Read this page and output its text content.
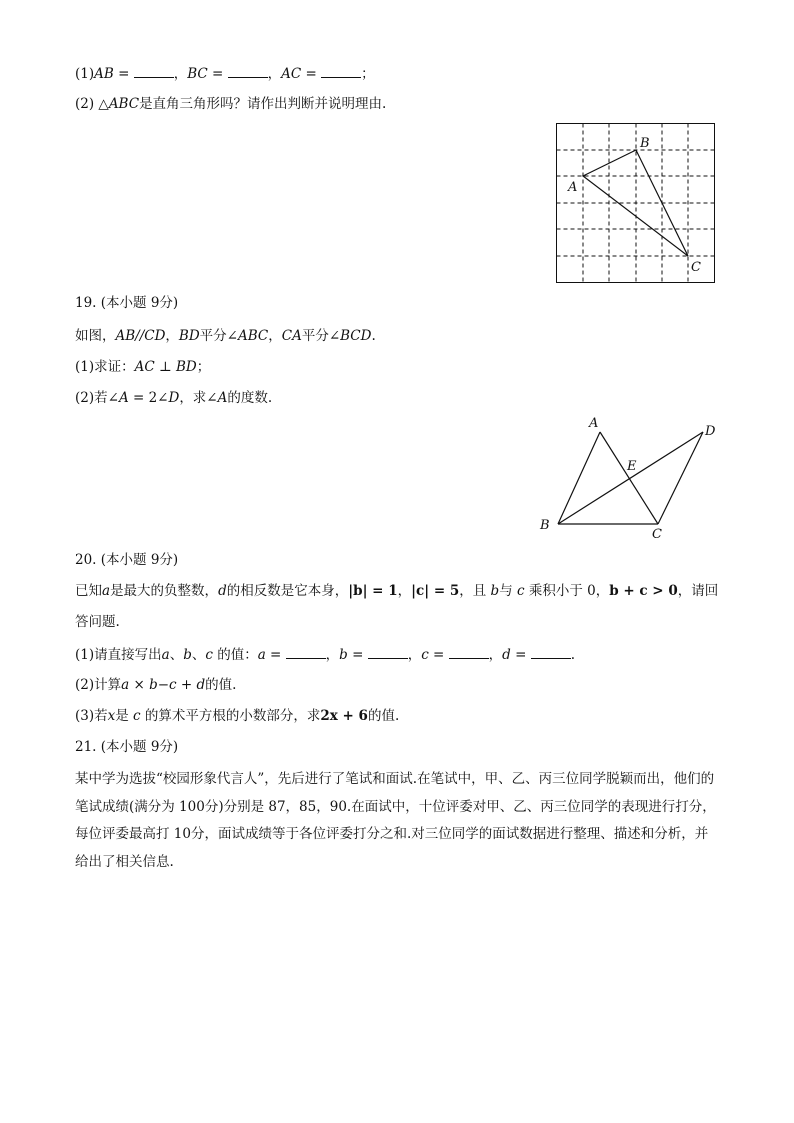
(1)AB =	，BC =	，AC =	；
(2) △ABC是直角三角形吗？请作出判断并说明理由.
A
B
C
19. (本小题 9分)
如图，AB//CD，BD平分∠ABC，CA平分∠BCD.
(1)求证：AC ⊥ BD；
(2)若∠A = 2∠D，求∠A的度数.
A
B
C
D
E
20. (本小题 9分)
已知a是最大的负整数，d的相反数是它本身，|b| = 1，|c| = 5，且 b与 c 乘积小于 0，b + c > 0，请回
答问题.
(1)请直接写出a、b、c 的值：a =	，b =	，c =	，d =	.
(2)计算a × b−c + d的值.
(3)若x是 c 的算术平方根的小数部分，求2x + 6的值.
21. (本小题 9分)
某中学为选拔“校园形象代言人”，先后进行了笔试和面试.在笔试中，甲、乙、丙三位同学脱颖而出，他们的笔试成绩(满分为 100分)分别是 87，85，90.在面试中，十位评委对甲、乙、丙三位同学的表现进行打分，每位评委最高打 10分，面试成绩等于各位评委打分之和.对三位同学的面试数据进行整理、描述和分析，并给出了相关信息.
